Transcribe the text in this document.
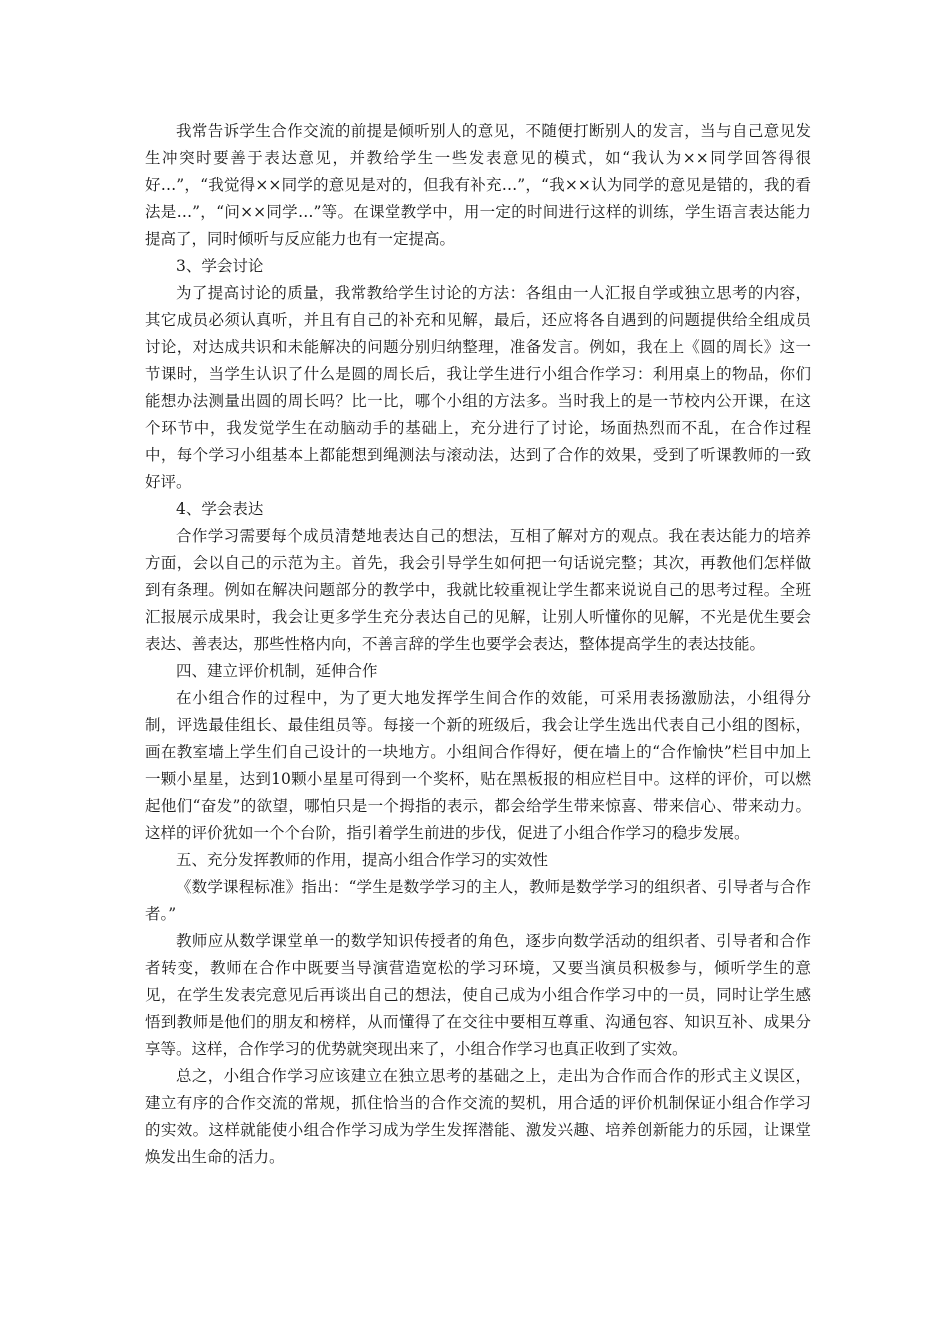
我常告诉学生合作交流的前提是倾听别人的意见，不随便打断别人的发言，当与自己意见发生冲突时要善于表达意见，并教给学生一些发表意见的模式，如“我认为××同学回答得很好…”，“我觉得××同学的意见是对的，但我有补充…”，“我××认为同学的意见是错的，我的看法是…”，“问××同学…”等。在课堂教学中，用一定的时间进行这样的训练，学生语言表达能力提高了，同时倾听与反应能力也有一定提高。

3、学会讨论

为了提高讨论的质量，我常教给学生讨论的方法：各组由一人汇报自学或独立思考的内容，其它成员必须认真听，并且有自己的补充和见解，最后，还应将各自遇到的问题提供给全组成员讨论，对达成共识和未能解决的问题分别归纳整理，准备发言。例如，我在上《圆的周长》这一节课时，当学生认识了什么是圆的周长后，我让学生进行小组合作学习：利用桌上的物品，你们能想办法测量出圆的周长吗？比一比，哪个小组的方法多。当时我上的是一节校内公开课，在这个环节中，我发觉学生在动脑动手的基础上，充分进行了讨论，场面热烈而不乱，在合作过程中，每个学习小组基本上都能想到绳测法与滚动法，达到了合作的效果，受到了听课教师的一致好评。

4、学会表达

合作学习需要每个成员清楚地表达自己的想法，互相了解对方的观点。我在表达能力的培养方面，会以自己的示范为主。首先，我会引导学生如何把一句话说完整；其次，再教他们怎样做到有条理。例如在解决问题部分的教学中，我就比较重视让学生都来说说自己的思考过程。全班汇报展示成果时，我会让更多学生充分表达自己的见解，让别人听懂你的见解，不光是优生要会表达、善表达，那些性格内向，不善言辞的学生也要学会表达，整体提高学生的表达技能。

四、建立评价机制，延伸合作

在小组合作的过程中，为了更大地发挥学生间合作的效能，可采用表扬激励法，小组得分制，评选最佳组长、最佳组员等。每接一个新的班级后，我会让学生选出代表自己小组的图标，画在教室墙上学生们自己设计的一块地方。小组间合作得好，便在墙上的“合作愉快”栏目中加上一颗小星星，达到10颗小星星可得到一个奖杯，贴在黑板报的相应栏目中。这样的评价，可以燃起他们“奋发”的欲望，哪怕只是一个拇指的表示，都会给学生带来惊喜、带来信心、带来动力。这样的评价犹如一个个台阶，指引着学生前进的步伐，促进了小组合作学习的稳步发展。

五、充分发挥教师的作用，提高小组合作学习的实效性

《数学课程标准》指出：“学生是数学学习的主人，教师是数学学习的组织者、引导者与合作者。”

教师应从数学课堂单一的数学知识传授者的角色，逐步向数学活动的组织者、引导者和合作者转变，教师在合作中既要当导演营造宽松的学习环境，又要当演员积极参与，倾听学生的意见，在学生发表完意见后再谈出自己的想法，使自己成为小组合作学习中的一员，同时让学生感悟到教师是他们的朋友和榜样，从而懂得了在交往中要相互尊重、沟通包容、知识互补、成果分享等。这样，合作学习的优势就突现出来了，小组合作学习也真正收到了实效。

总之，小组合作学习应该建立在独立思考的基础之上，走出为合作而合作的形式主义误区，建立有序的合作交流的常规，抓住恰当的合作交流的契机，用合适的评价机制保证小组合作学习的实效。这样就能使小组合作学习成为学生发挥潜能、激发兴趣、培养创新能力的乐园，让课堂焕发出生命的活力。
